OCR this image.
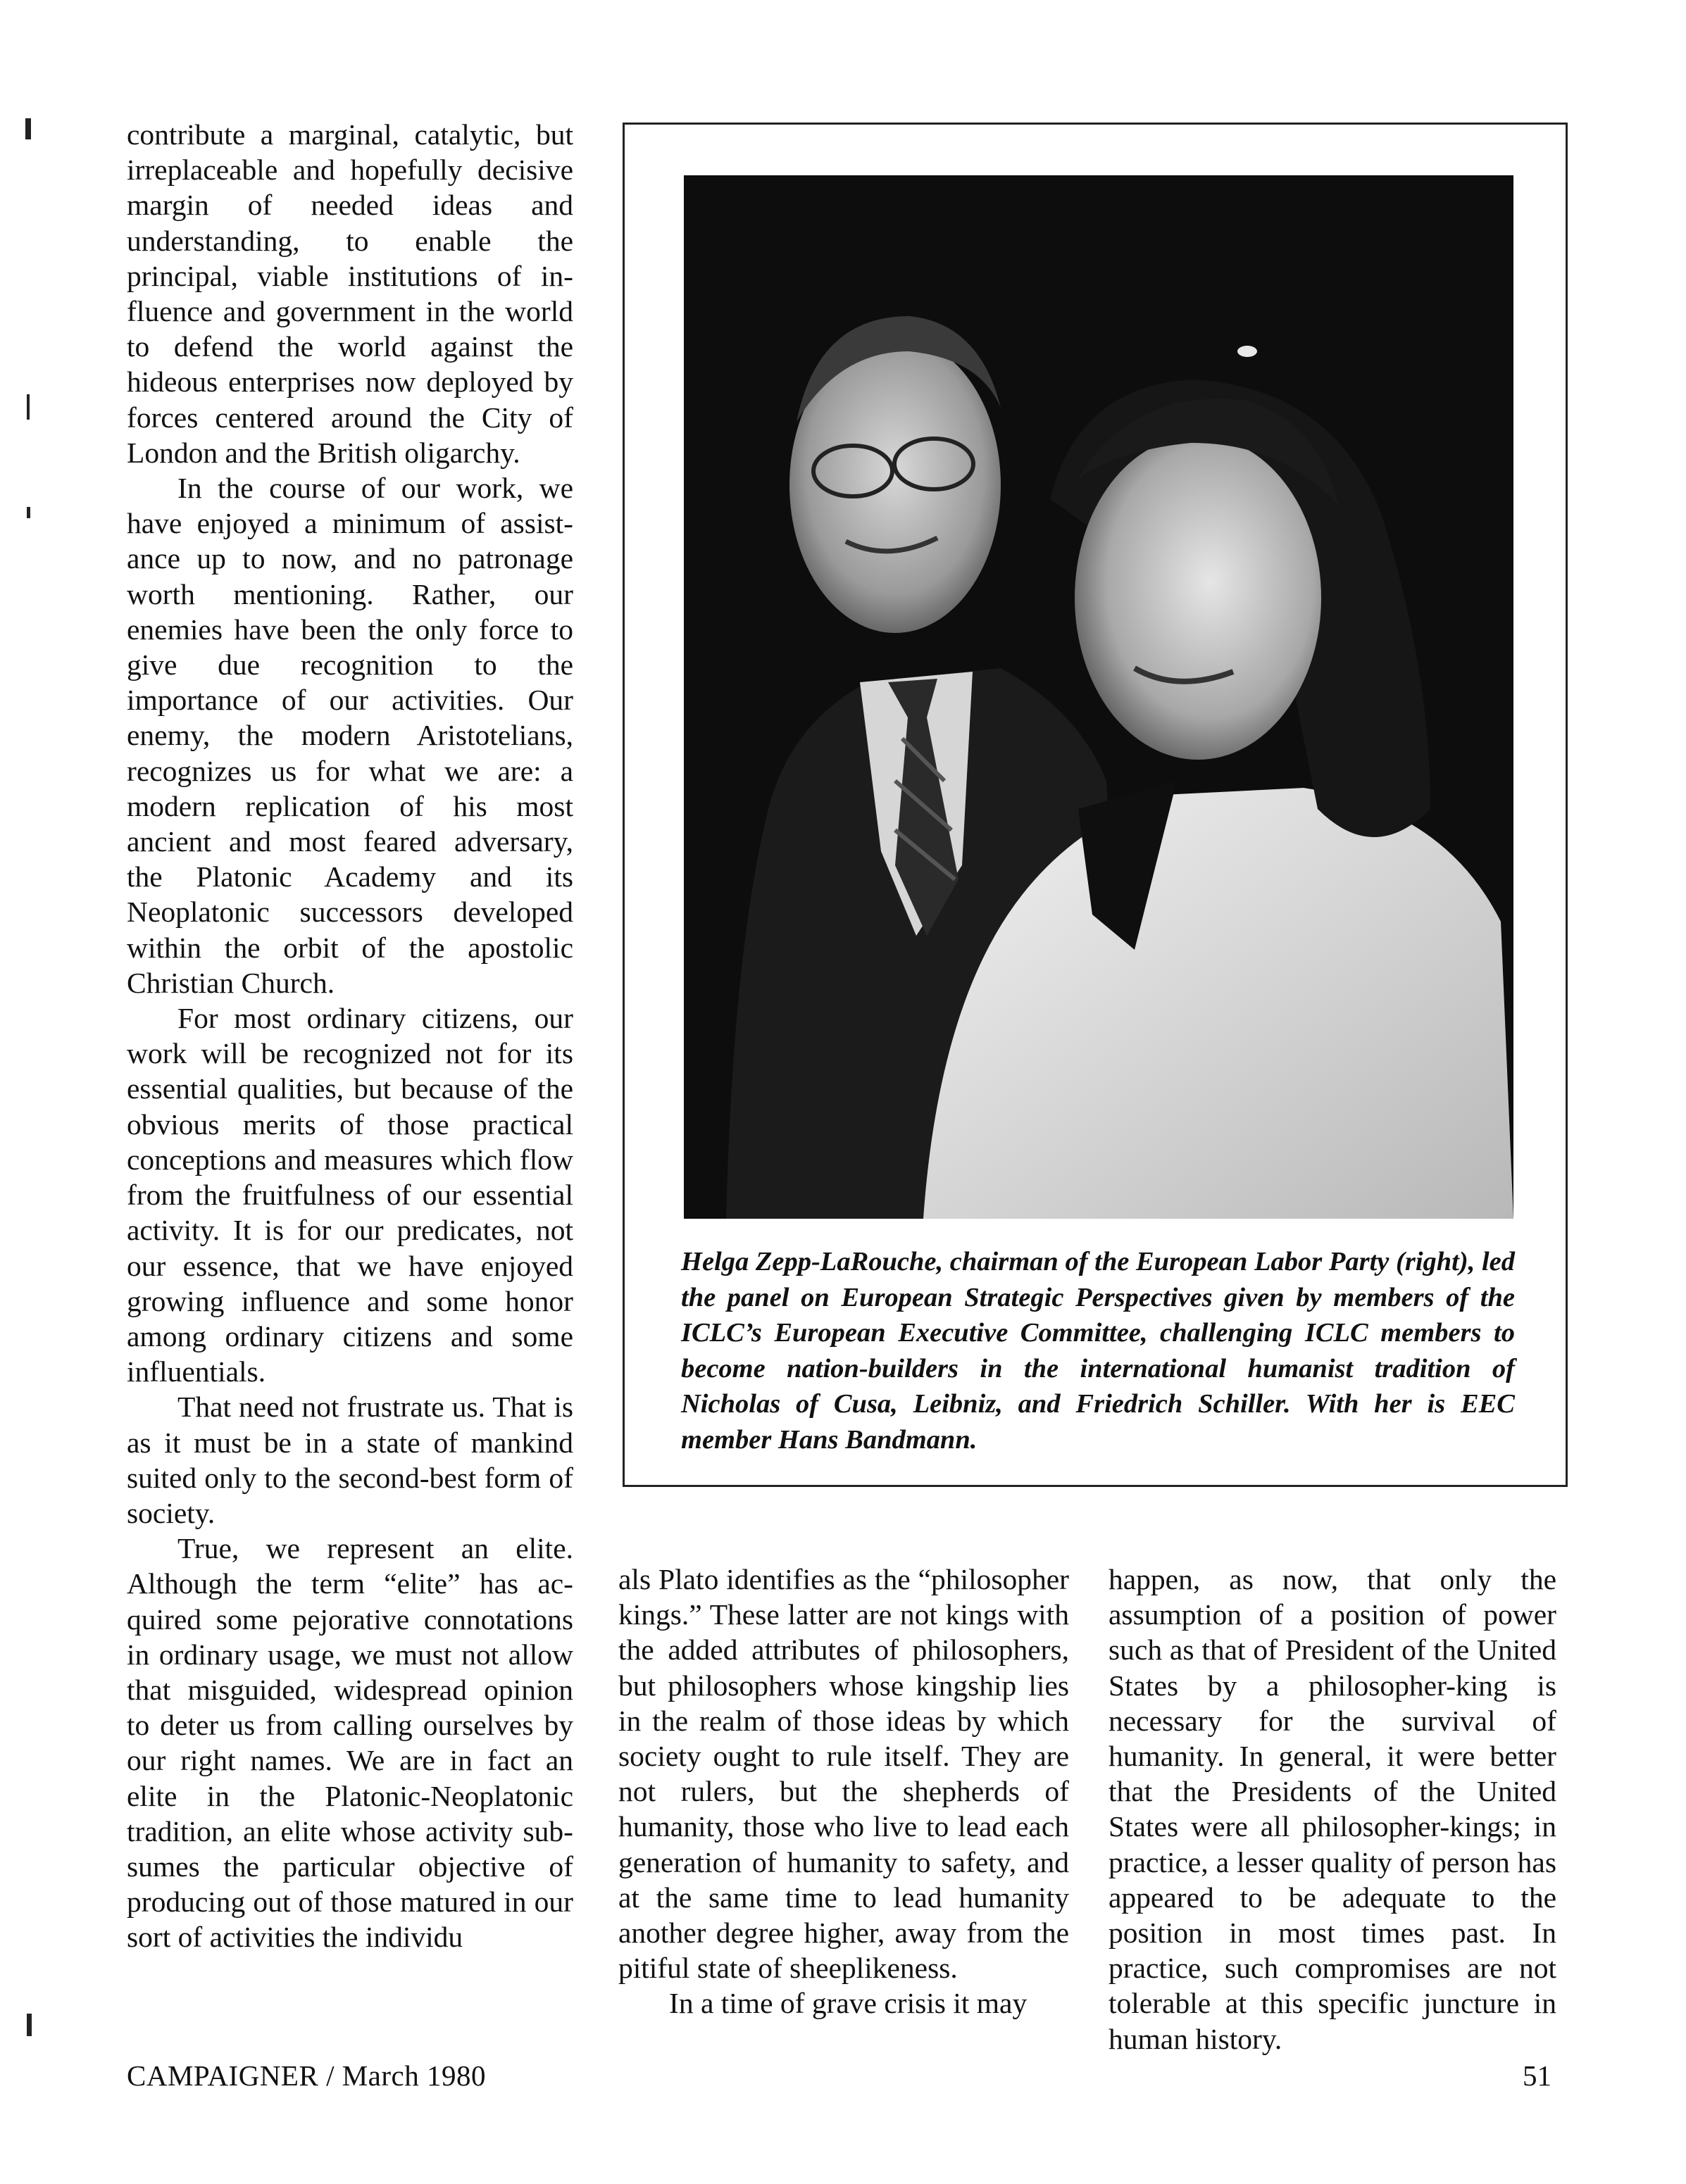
contribute a marginal, catalytic, but irreplaceable and hopefully decisive margin of needed ideas and understanding, to enable the principal, viable institutions of influence and government in the world to defend the world against the hideous enterprises now deployed by forces centered around the City of London and the British oligarchy.

In the course of our work, we have enjoyed a minimum of assistance up to now, and no patronage worth mentioning. Rather, our enemies have been the only force to give due recognition to the importance of our activities. Our enemy, the modern Aristotelians, recognizes us for what we are: a modern replication of his most ancient and most feared adversary, the Platonic Academy and its Neoplatonic successors developed within the orbit of the apostolic Christian Church.

For most ordinary citizens, our work will be recognized not for its essential qualities, but because of the obvious merits of those practical conceptions and measures which flow from the fruitfulness of our essential activity. It is for our predicates, not our essence, that we have enjoyed growing influence and some honor among ordinary citizens and some influentials.

That need not frustrate us. That is as it must be in a state of mankind suited only to the second-best form of society.

True, we represent an elite. Although the term “elite” has acquired some pejorative connotations in ordinary usage, we must not allow that misguided, widespread opinion to deter us from calling ourselves by our right names. We are in fact an elite in the Platonic-Neoplatonic tradition, an elite whose activity subsumes the particular objective of producing out of those matured in our sort of activities the individu

Helga Zepp-LaRouche, chairman of the European Labor Party (right), led the panel on European Strategic Perspectives given by members of the ICLC’s European Executive Committee, challenging ICLC members to become nation-builders in the international humanist tradition of Nicholas of Cusa, Leibniz, and Friedrich Schiller. With her is EEC member Hans Bandmann.

als Plato identifies as the “philosopher kings.” These latter are not kings with the added attributes of philosophers, but philosophers whose kingship lies in the realm of those ideas by which society ought to rule itself. They are not rulers, but the shepherds of humanity, those who live to lead each generation of humanity to safety, and at the same time to lead humanity another degree higher, away from the pitiful state of sheeplikeness.

In a time of grave crisis it may

happen, as now, that only the assumption of a position of power such as that of President of the United States by a philosopher-king is necessary for the survival of humanity. In general, it were better that the Presidents of the United States were all philosopher-kings; in practice, a lesser quality of person has appeared to be adequate to the position in most times past. In practice, such compromises are not tolerable at this specific juncture in human history.

CAMPAIGNER / March 1980	51
